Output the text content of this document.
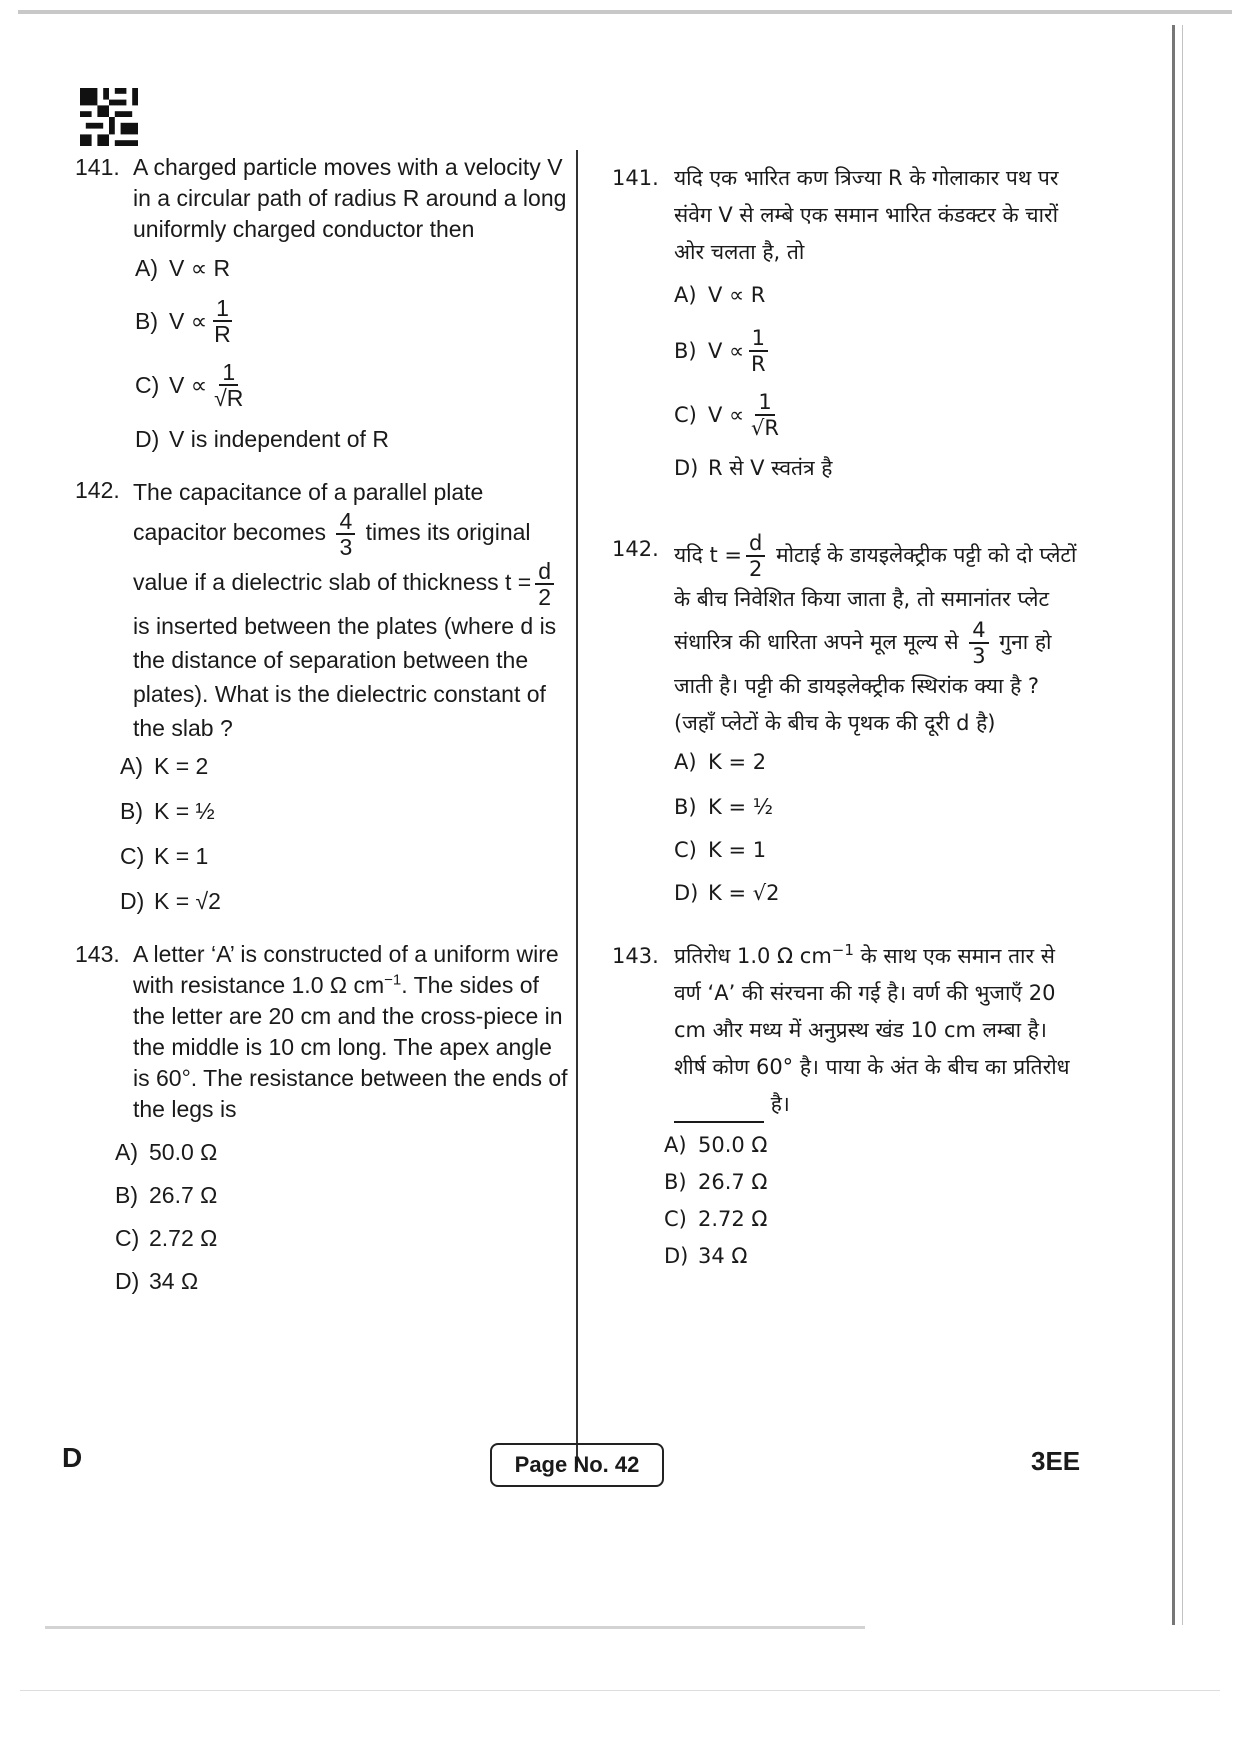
141. A charged particle moves with a velocity V in a circular path of radius R around a long uniformly charged conductor then
A) V ∝ R
B) $V \propto \frac{1}{R}$
C) $V \propto \frac{1}{√R}$
D) V is independent of R
142. The capacitance of a parallel plate capacitor becomes $\frac{4}{3}$ times its original value if a dielectric slab of thickness $t = \frac{d}{2}$
is inserted between the plates (where d is the distance of separation between the plates). What is the dielectric constant of the slab ?
A) K = 2
B) K = ½
C) K = 1
D) K = √2
143. A letter ‘A’ is constructed of a uniform wire with resistance 1.0 Ω $cm^{-1}$. The sides of the letter are 20 cm and the cross-piece in the middle is 10 cm long. The apex angle is 60°. The resistance between the ends of the legs is
A) 50.0 Ω
B) 26.7 Ω
C) 2.72 Ω
D) 34 Ω
141. यदि एक भारित कण त्रिज्या R के गोलाकार पथ पर संवेग V से लम्बे एक समान भारित कंडक्टर के चारों ओर चलता है, तो
A) V ∝ R
B) $V \propto \frac{1}{R}$
C) $V \propto \frac{1}{√R}$
D) R से V स्वतंत्र है
142. यदि $t = \frac{d}{2}$ मोटाई के डायइलेक्ट्रीक पट्टी को दो प्लेटों के बीच निवेशित किया जाता है, तो समानांतर प्लेट संधारित्र की धारिता अपने मूल मूल्य से $\frac{4}{3}$ गुना हो जाती है। पट्टी की डायइलेक्ट्रीक स्थिरांक क्या है ? (जहाँ प्लेटों के बीच के पृथक की दूरी d है)
A) K = 2
B) K = ½
C) K = 1
D) K = √2
143. प्रतिरोध 1.0 Ω $cm^{-1}$ के साथ एक समान तार से वर्ण ‘A’ की संरचना की गई है। वर्ण की भुजाएँ 20 cm और मध्य में अनुप्रस्थ खंड 10 cm लम्बा है। शीर्ष कोण 60° है। पाया के अंत के बीच का प्रतिरोध  है।
A) 50.0 Ω
B) 26.7 Ω
C) 2.72 Ω
D) 34 Ω
D	Page No. 42	3EE
